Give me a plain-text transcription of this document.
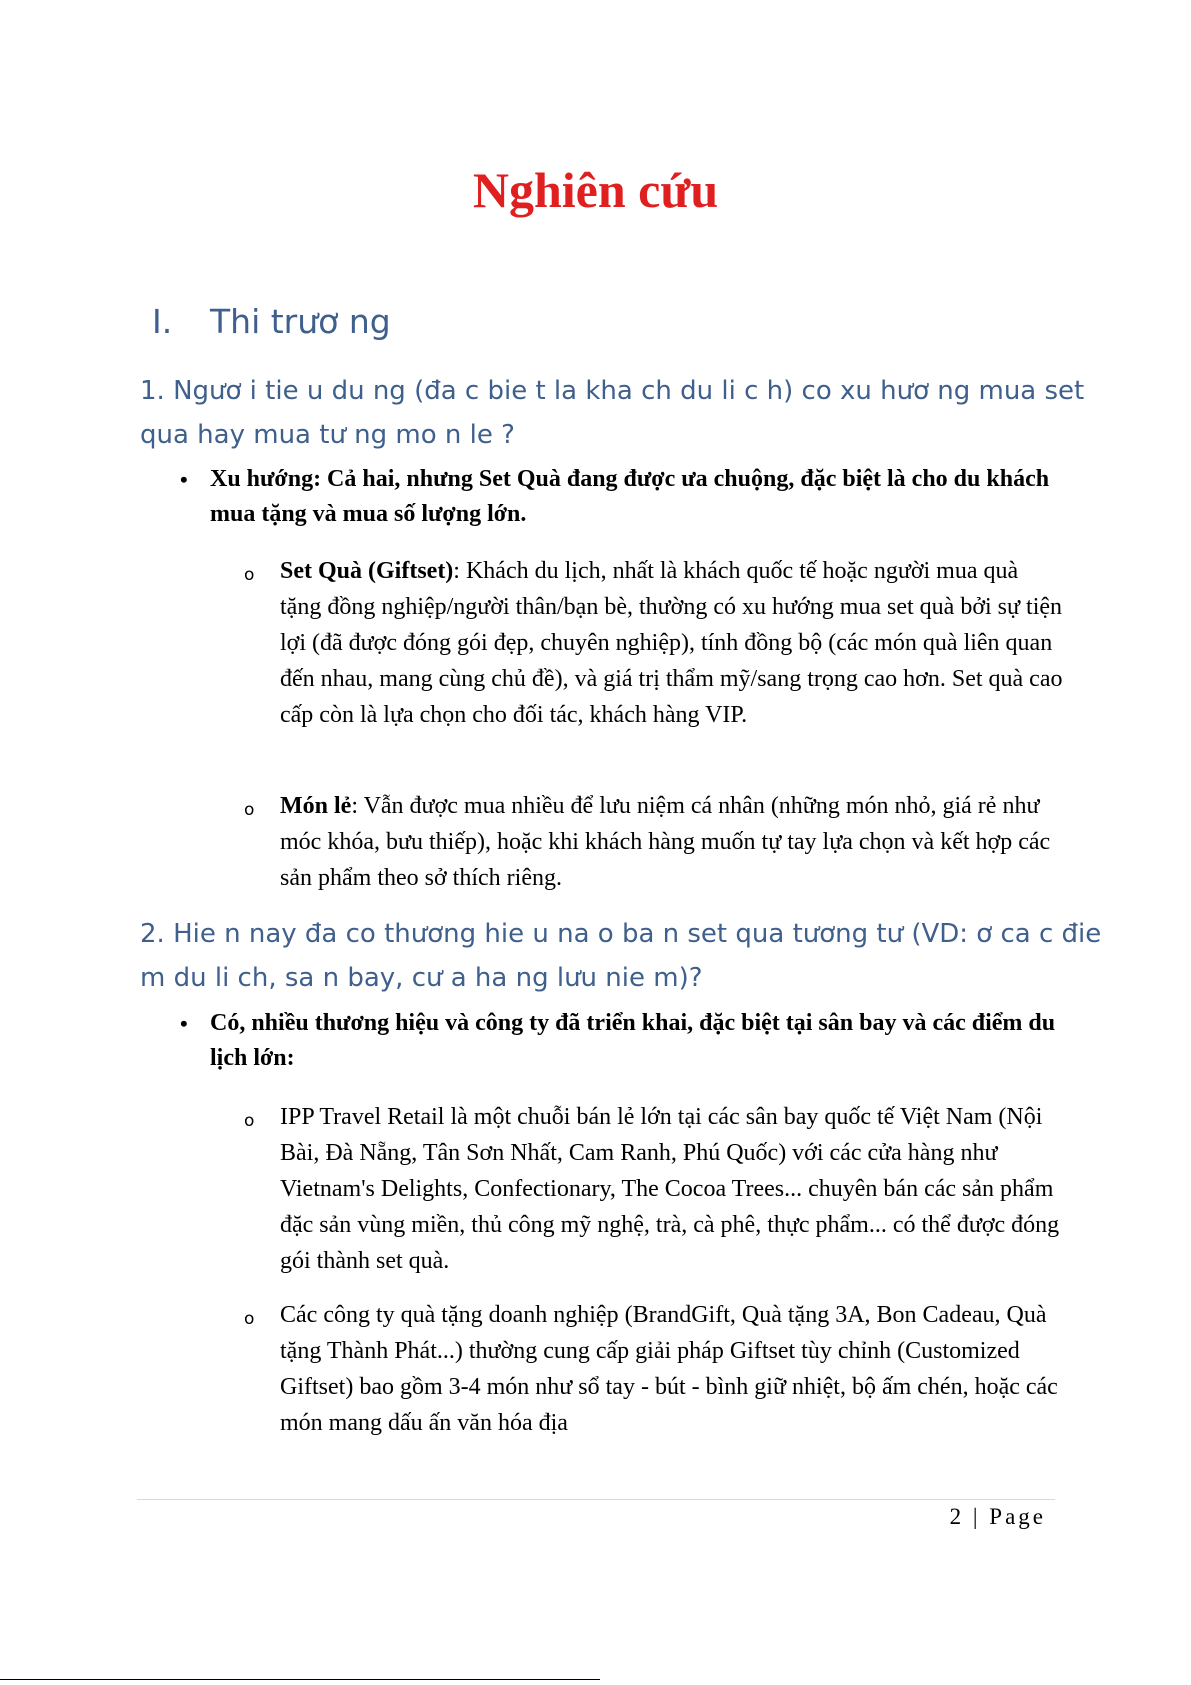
Nghiên cứu
I. Thi trươ ng
1. Ngươ i tie u du ng (đa c bie t la kha ch du li c h) co xu hươ ng mua set qua hay mua tư ng mo n le ?
• Xu hướng: Cả hai, nhưng Set Quà đang được ưa chuộng, đặc biệt là cho du khách mua tặng và mua số lượng lớn.
o Set Quà (Giftset): Khách du lịch, nhất là khách quốc tế hoặc người mua quà tặng đồng nghiệp/người thân/bạn bè, thường có xu hướng mua set quà bởi sự tiện lợi (đã được đóng gói đẹp, chuyên nghiệp), tính đồng bộ (các món quà liên quan đến nhau, mang cùng chủ đề), và giá trị thẩm mỹ/sang trọng cao hơn. Set quà cao cấp còn là lựa chọn cho đối tác, khách hàng VIP.
o Món lẻ: Vẫn được mua nhiều để lưu niệm cá nhân (những món nhỏ, giá rẻ như móc khóa, bưu thiếp), hoặc khi khách hàng muốn tự tay lựa chọn và kết hợp các sản phẩm theo sở thích riêng.
2. Hie n nay đa co thương hie u na o ba n set qua tương tư (VD: ơ ca c đie m du li ch, sa n bay, cư a ha ng lưu nie m)?
• Có, nhiều thương hiệu và công ty đã triển khai, đặc biệt tại sân bay và các điểm du lịch lớn:
o IPP Travel Retail là một chuỗi bán lẻ lớn tại các sân bay quốc tế Việt Nam (Nội Bài, Đà Nẵng, Tân Sơn Nhất, Cam Ranh, Phú Quốc) với các cửa hàng như Vietnam's Delights, Confectionary, The Cocoa Trees... chuyên bán các sản phẩm đặc sản vùng miền, thủ công mỹ nghệ, trà, cà phê, thực phẩm... có thể được đóng gói thành set quà.
o Các công ty quà tặng doanh nghiệp (BrandGift, Quà tặng 3A, Bon Cadeau, Quà tặng Thành Phát...) thường cung cấp giải pháp Giftset tùy chỉnh (Customized Giftset) bao gồm 3-4 món như sổ tay - bút - bình giữ nhiệt, bộ ấm chén, hoặc các món mang dấu ấn văn hóa địa
2 | Page
